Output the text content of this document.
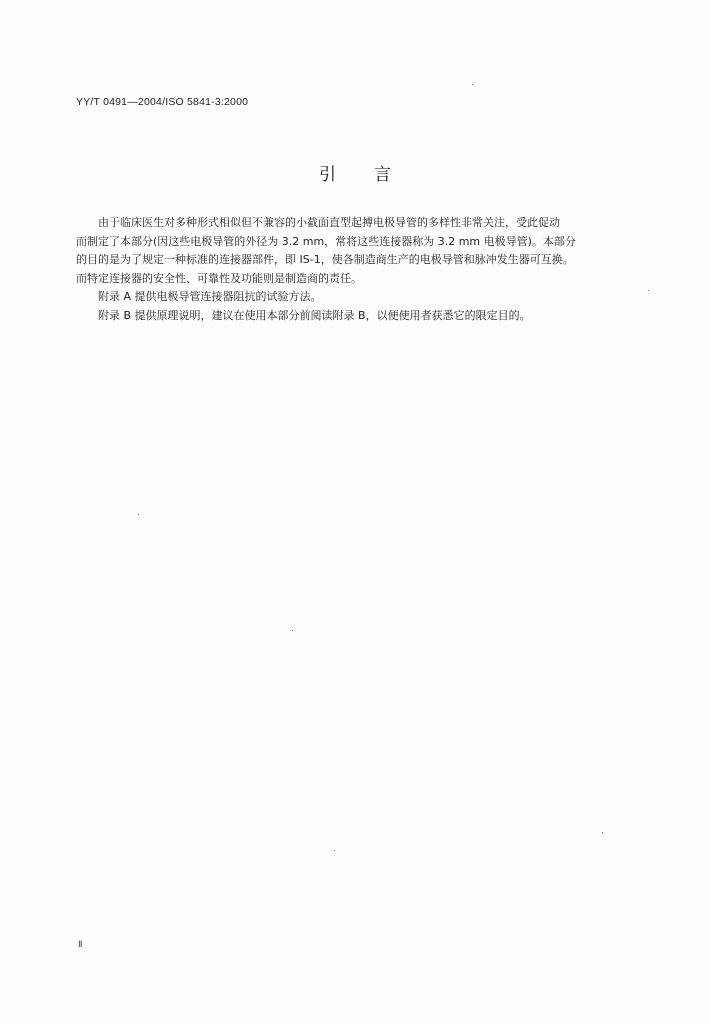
YY/T 0491—2004/ISO 5841-3:2000
引言

由于临床医生对多种形式相似但不兼容的小截面直型起搏电极导管的多样性非常关注，受此促动

而制定了本部分(因这些电极导管的外径为 3.2 mm，常将这些连接器称为 3.2 mm 电极导管)。本部分
的目的是为了规定一种标准的连接器部件，即 IS-1，使各制造商生产的电极导管和脉冲发生器可互换。
而特定连接器的安全性、可靠性及功能则是制造商的责任。

附录 A 提供电极导管连接器阻抗的试验方法。

附录 B 提供原理说明，建议在使用本部分前阅读附录 B，以便使用者获悉它的限定目的。

Ⅱ
